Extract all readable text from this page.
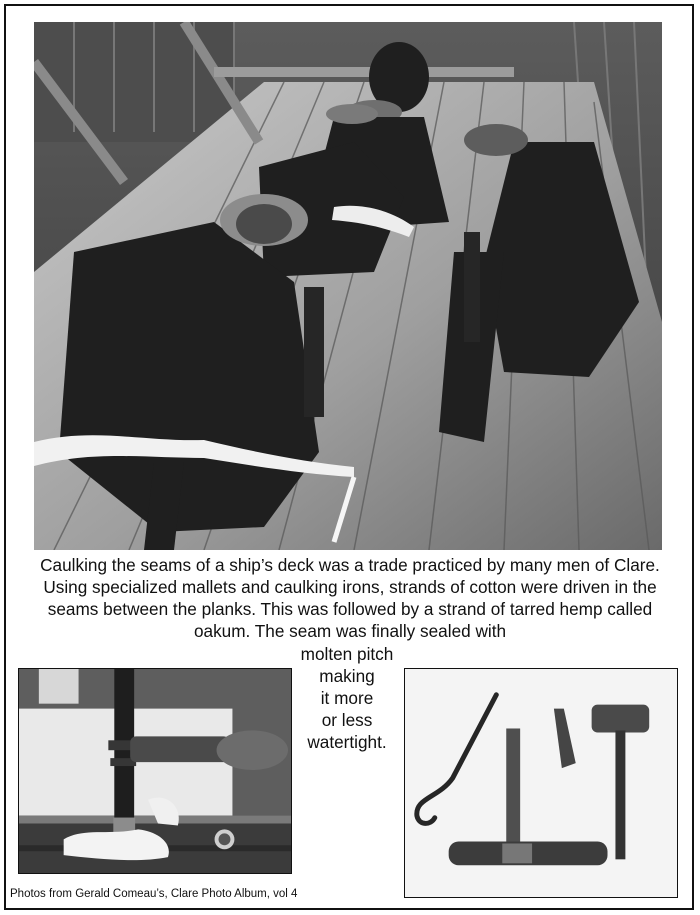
Caulking the seams of a ship’s deck was a trade practiced by many men of Clare. Using specialized mallets and caulking irons, strands of cotton were driven in the seams between the planks. This was followed by a strand of tarred hemp called oakum. The seam was finally sealed with

molten pitch
making
it more
or less
watertight.

Photos from Gerald Comeau’s, Clare Photo Album, vol 4
